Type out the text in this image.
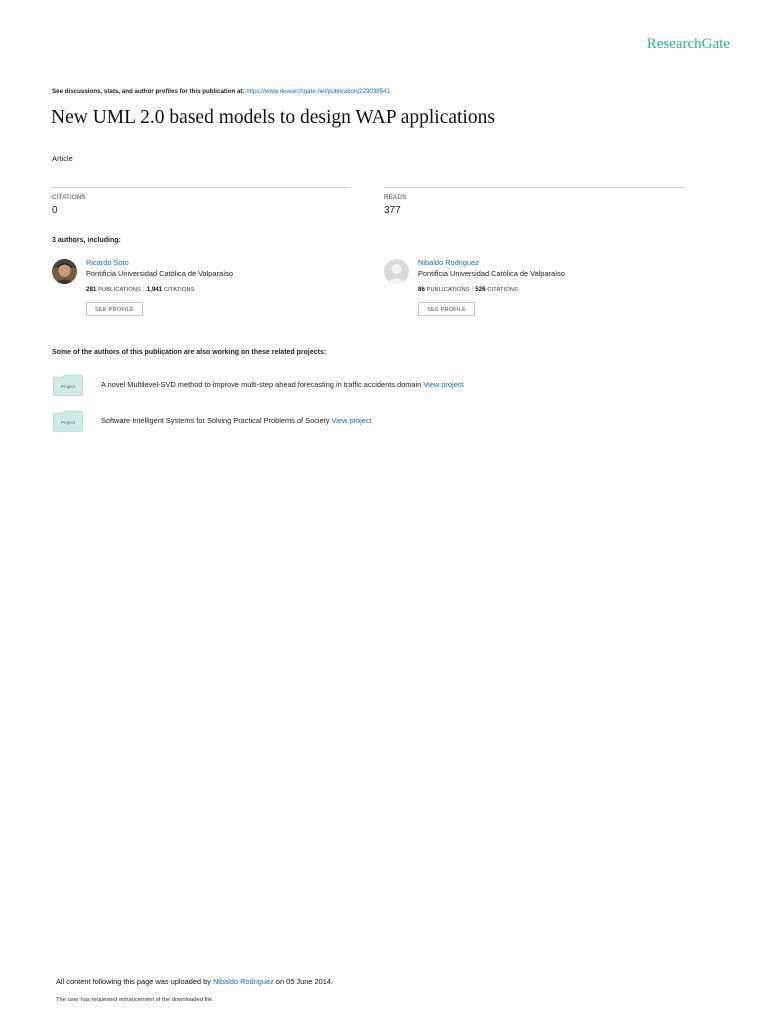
ResearchGate
See discussions, stats, and author profiles for this publication at: https://www.researchgate.net/publication/229038541
New UML 2.0 based models to design WAP applications
Article
CITATIONS
0
READS
377
3 authors, including:
Ricardo Soto
Pontificia Universidad Católica de Valparaíso
281 PUBLICATIONS | 1,941 CITATIONS
SEE PROFILE
Nibaldo Rodriguez
Pontificia Universidad Católica de Valparaíso
86 PUBLICATIONS | 526 CITATIONS
SEE PROFILE
Some of the authors of this publication are also working on these related projects:
Project	A novel Multilevel-SVD method to improve multi-step ahead forecasting in traffic accidents domain View project
Project	Software Intelligent Systems for Solving Practical Problems of Society View project
All content following this page was uploaded by Nibaldo Rodriguez on 05 June 2014.
The user has requested enhancement of the downloaded file.
